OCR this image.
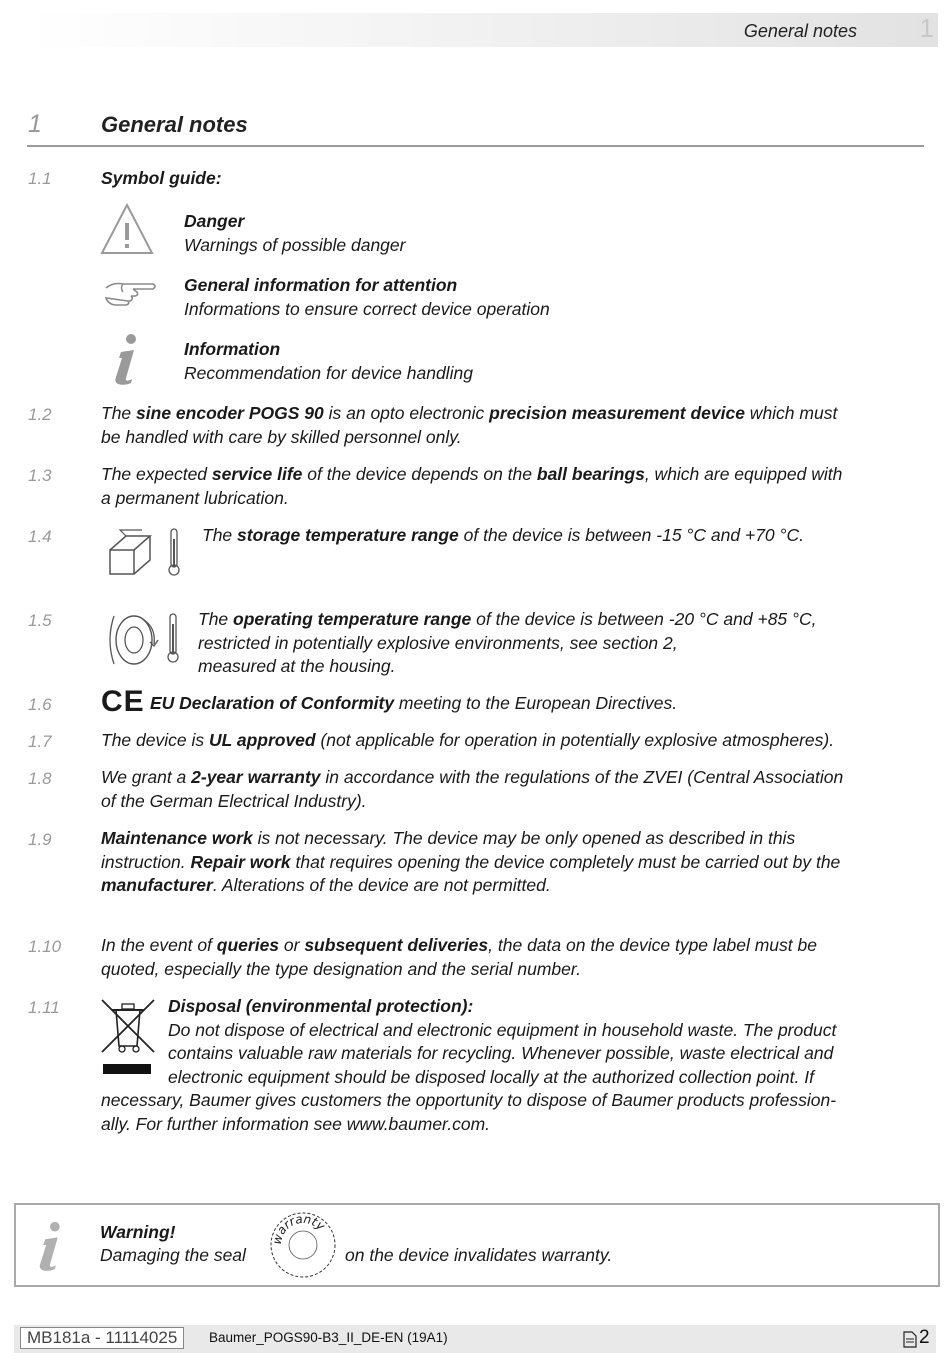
General notes 1
1	General notes
1.1	Symbol guide:
Danger
Warnings of possible danger
General information for attention
Informations to ensure correct device operation
Information
Recommendation for device handling
1.2	The sine encoder POGS 90 is an opto electronic precision measurement device which must
be handled with care by skilled personnel only.
1.3	The expected service life of the device depends on the ball bearings, which are equipped with
a permanent lubrication.
1.4	The storage temperature range of the device is between -15 °C and +70 °C.
1.5	The operating temperature range of the device is between -20 °C and +85 °C,
restricted in potentially explosive environments, see section 2,
measured at the housing.
1.6 CE EU Declaration of Conformity meeting to the European Directives.
1.7	The device is UL approved (not applicable for operation in potentially explosive atmospheres).
1.8	We grant a 2-year warranty in accordance with the regulations of the ZVEI (Central Association
of the German Electrical Industry).
1.9	Maintenance work is not necessary. The device may be only opened as described in this
instruction. Repair work that requires opening the device completely must be carried out by the
manufacturer. Alterations of the device are not permitted.
1.10 In the event of queries or subsequent deliveries, the data on the device type label must be
quoted, especially the type designation and the serial number.
1.11	Disposal (environmental protection):
Do not dispose of electrical and electronic equipment in household waste. The product
contains valuable raw materials for recycling. Whenever possible, waste electrical and
electronic equipment should be disposed locally at the authorized collection point. If
necessary, Baumer gives customers the opportunity to dispose of Baumer products profession-
ally. For further information see www.baumer.com.
Warning!
Damaging the seal
warranty
on the device invalidates warranty.
MB181a - 11114025	Baumer_POGS90-B3_II_DE-EN (19A1)	2
